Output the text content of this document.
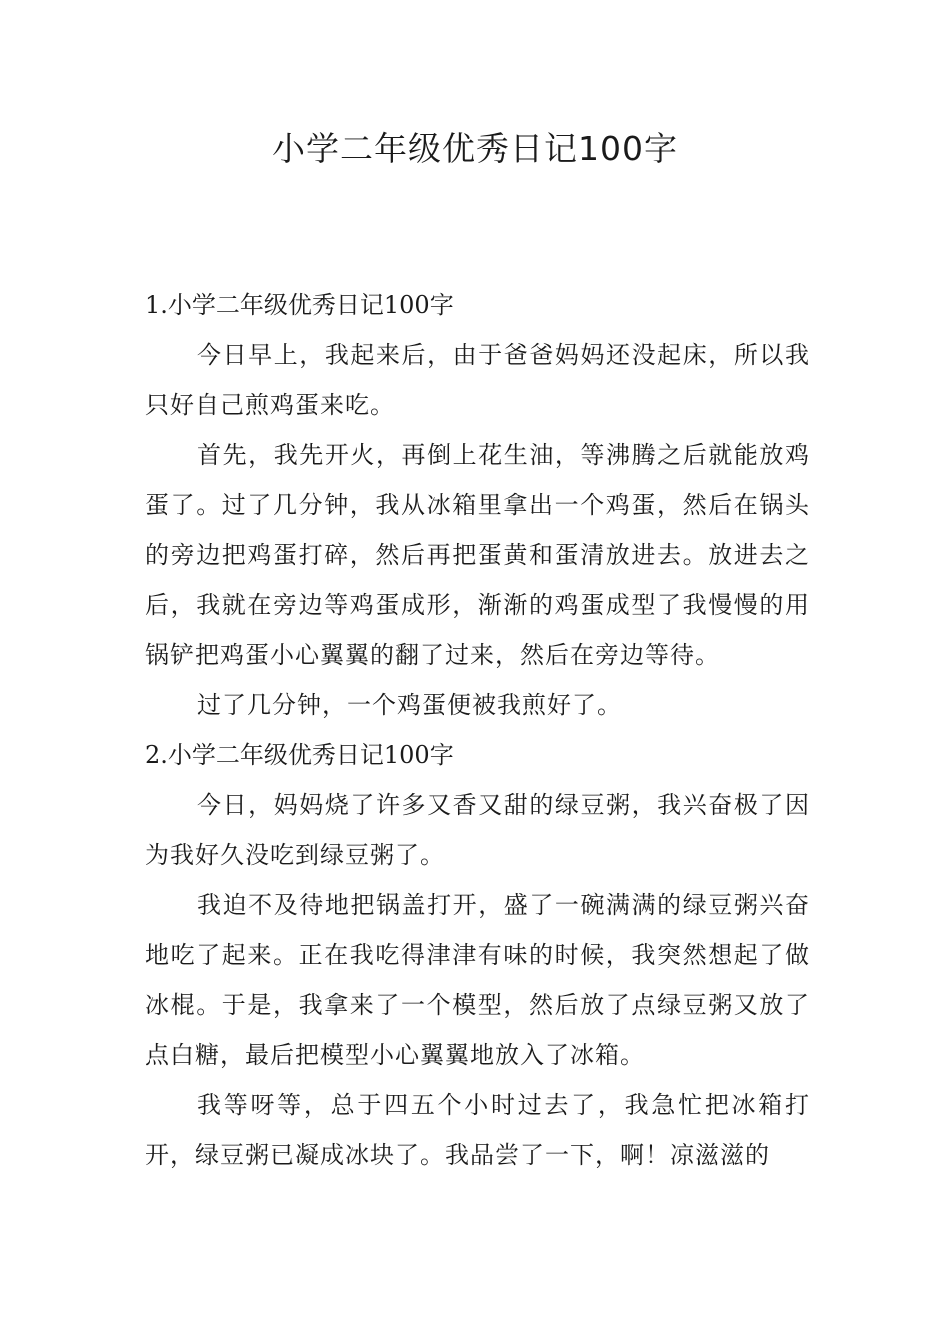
小学二年级优秀日记100字
1.小学二年级优秀日记100字

今日早上，我起来后，由于爸爸妈妈还没起床，所以我只好自己煎鸡蛋来吃。

首先，我先开火，再倒上花生油，等沸腾之后就能放鸡蛋了。过了几分钟，我从冰箱里拿出一个鸡蛋，然后在锅头的旁边把鸡蛋打碎，然后再把蛋黄和蛋清放进去。放进去之后，我就在旁边等鸡蛋成形，渐渐的鸡蛋成型了我慢慢的用锅铲把鸡蛋小心翼翼的翻了过来，然后在旁边等待。

过了几分钟，一个鸡蛋便被我煎好了。

2.小学二年级优秀日记100字

今日，妈妈烧了许多又香又甜的绿豆粥，我兴奋极了因为我好久没吃到绿豆粥了。

我迫不及待地把锅盖打开，盛了一碗满满的绿豆粥兴奋地吃了起来。正在我吃得津津有味的时候，我突然想起了做冰棍。于是，我拿来了一个模型，然后放了点绿豆粥又放了点白糖，最后把模型小心翼翼地放入了冰箱。

我等呀等，总于四五个小时过去了，我急忙把冰箱打开，绿豆粥已凝成冰块了。我品尝了一下，啊！凉滋滋的
